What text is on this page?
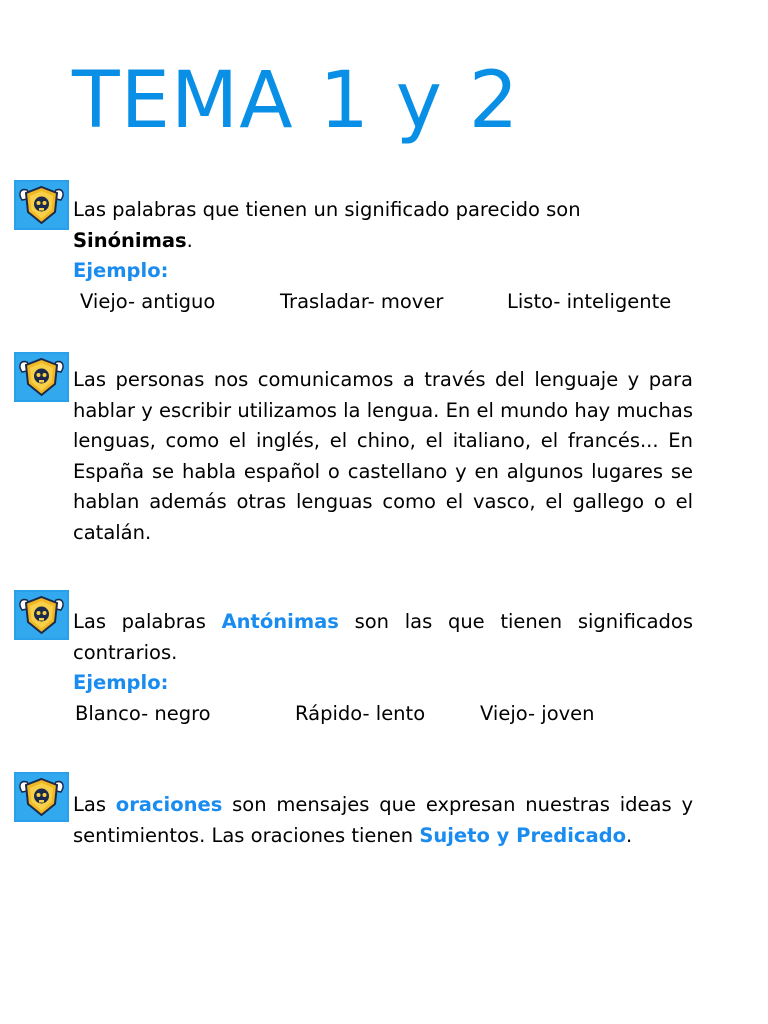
TEMA 1 y 2
Las palabras que tienen un significado parecido son
Sinónimas.
Ejemplo:
Viejo- antiguo	Trasladar- mover	Listo- inteligente
Las personas nos comunicamos a través del lenguaje y para hablar y escribir utilizamos la lengua. En el mundo hay muchas lenguas, como el inglés, el chino, el italiano, el francés... En España se habla español o castellano y en algunos lugares se hablan además otras lenguas como el vasco, el gallego o el catalán.
Las palabras Antónimas son las que tienen significados contrarios.
Ejemplo:
Blanco- negro	Rápido- lento	Viejo- joven
Las oraciones son mensajes que expresan nuestras ideas y sentimientos. Las oraciones tienen Sujeto y Predicado.
